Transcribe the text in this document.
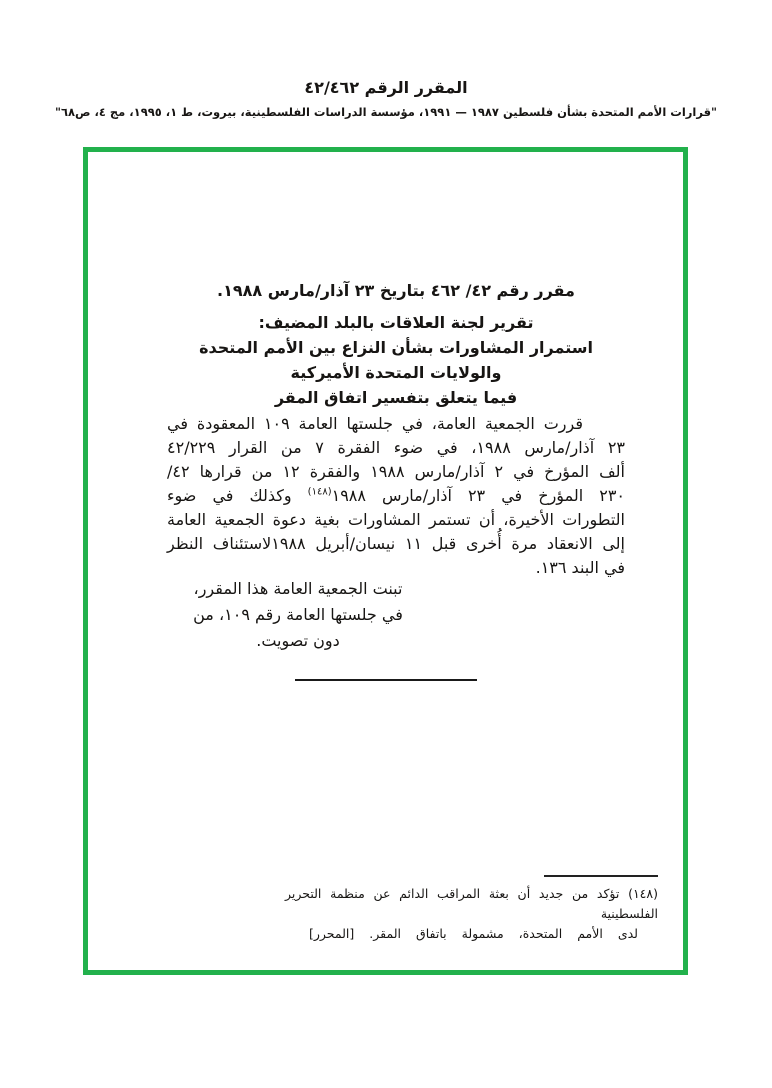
المقرر الرقم ٤٢/٤٦٢
"قرارات الأمم المتحدة بشأن فلسطين ١٩٨٧ — ١٩٩١، مؤسسة الدراسات الفلسطينية، بيروت، ط ١، ١٩٩٥، مج ٤، ص٦٨"
مقرر رقم ٤٢/ ٤٦٢ بتاريخ ٢٣ آذار/مارس ١٩٨٨.
تقرير لجنة العلاقات بالبلد المضيف:
استمرار المشاورات بشأن النزاع بين الأمم المتحدة
والولايات المتحدة الأميركية
فيما يتعلق بتفسير اتفاق المقر
قررت الجمعية العامة، في جلستها العامة ١٠٩ المعقودة في
٢٣ آذار/مارس ١٩٨٨، في ضوء الفقرة ٧ من القرار ٤٢/٢٢٩
ألف المؤرخ في ٢ آذار/مارس ١٩٨٨ والفقرة ١٢ من قرارها ٤٢/
٢٣٠ المؤرخ في ٢٣ آذار/مارس ١٩٨٨$^{(١٤٨)}$ وكذلك في ضوء
التطورات الأخيرة، أن تستمر المشاورات بغية دعوة الجمعية العامة
إلى الانعقاد مرة أُخرى قبل ١١ نيسان/أبريل ١٩٨٨لاستئناف النظر
في البند ١٣٦.
تبنت الجمعية العامة هذا المقرر،
في جلستها العامة رقم ١٠٩، من
دون تصويت.
(١٤٨) تؤكد من جديد أن بعثة المراقب الدائم عن منظمة التحرير الفلسطينية
لدى الأمم المتحدة، مشمولة باتفاق المقر. [المحرر]
